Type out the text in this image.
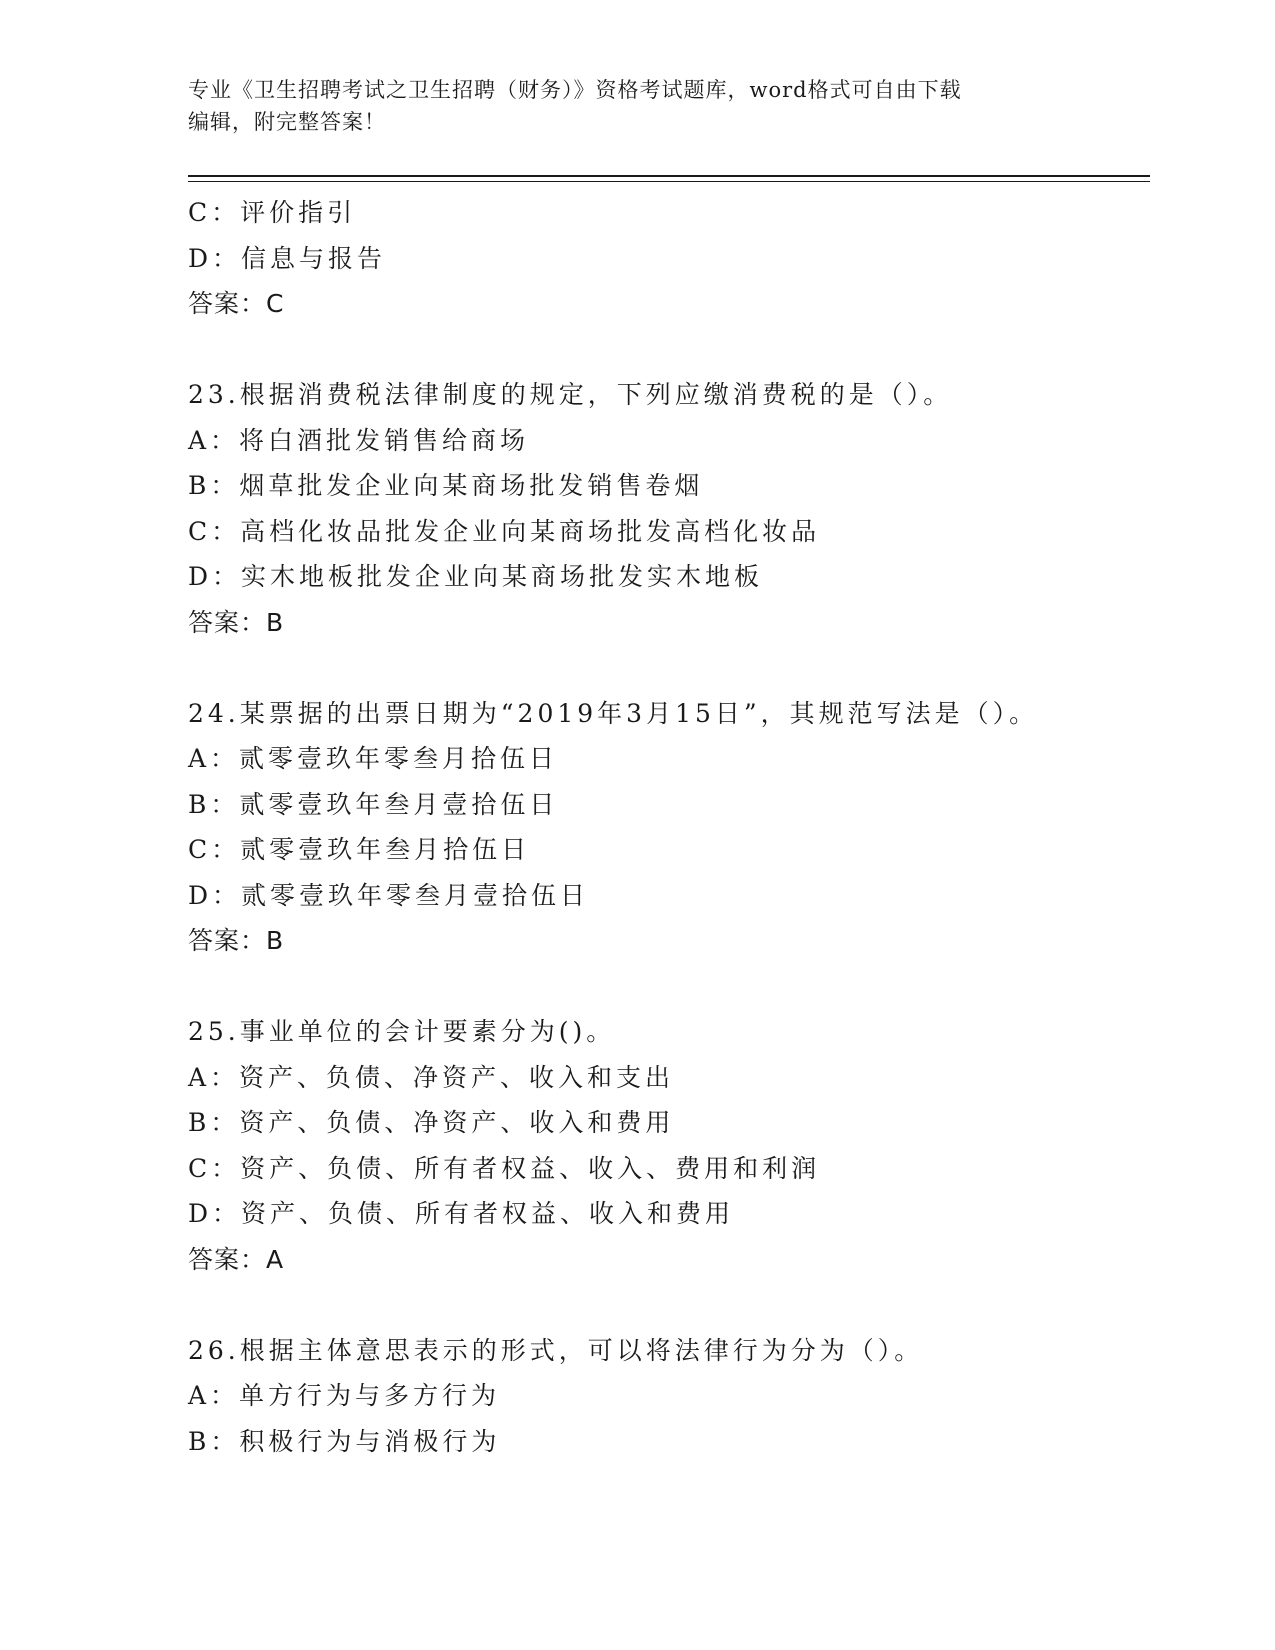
专业《卫生招聘考试之卫生招聘（财务）》资格考试题库，word格式可自由下载
编辑，附完整答案！
C：评价指引
D：信息与报告
答案：C
23.根据消费税法律制度的规定，下列应缴消费税的是（）。
A：将白酒批发销售给商场
B：烟草批发企业向某商场批发销售卷烟
C：高档化妆品批发企业向某商场批发高档化妆品
D：实木地板批发企业向某商场批发实木地板
答案：B
24.某票据的出票日期为“2019年3月15日”，其规范写法是（）。
A：贰零壹玖年零叁月拾伍日
B：贰零壹玖年叁月壹拾伍日
C：贰零壹玖年叁月拾伍日
D：贰零壹玖年零叁月壹拾伍日
答案：B
25.事业单位的会计要素分为()。
A：资产、负债、净资产、收入和支出
B：资产、负债、净资产、收入和费用
C：资产、负债、所有者权益、收入、费用和利润
D：资产、负债、所有者权益、收入和费用
答案：A
26.根据主体意思表示的形式，可以将法律行为分为（）。
A：单方行为与多方行为
B：积极行为与消极行为
